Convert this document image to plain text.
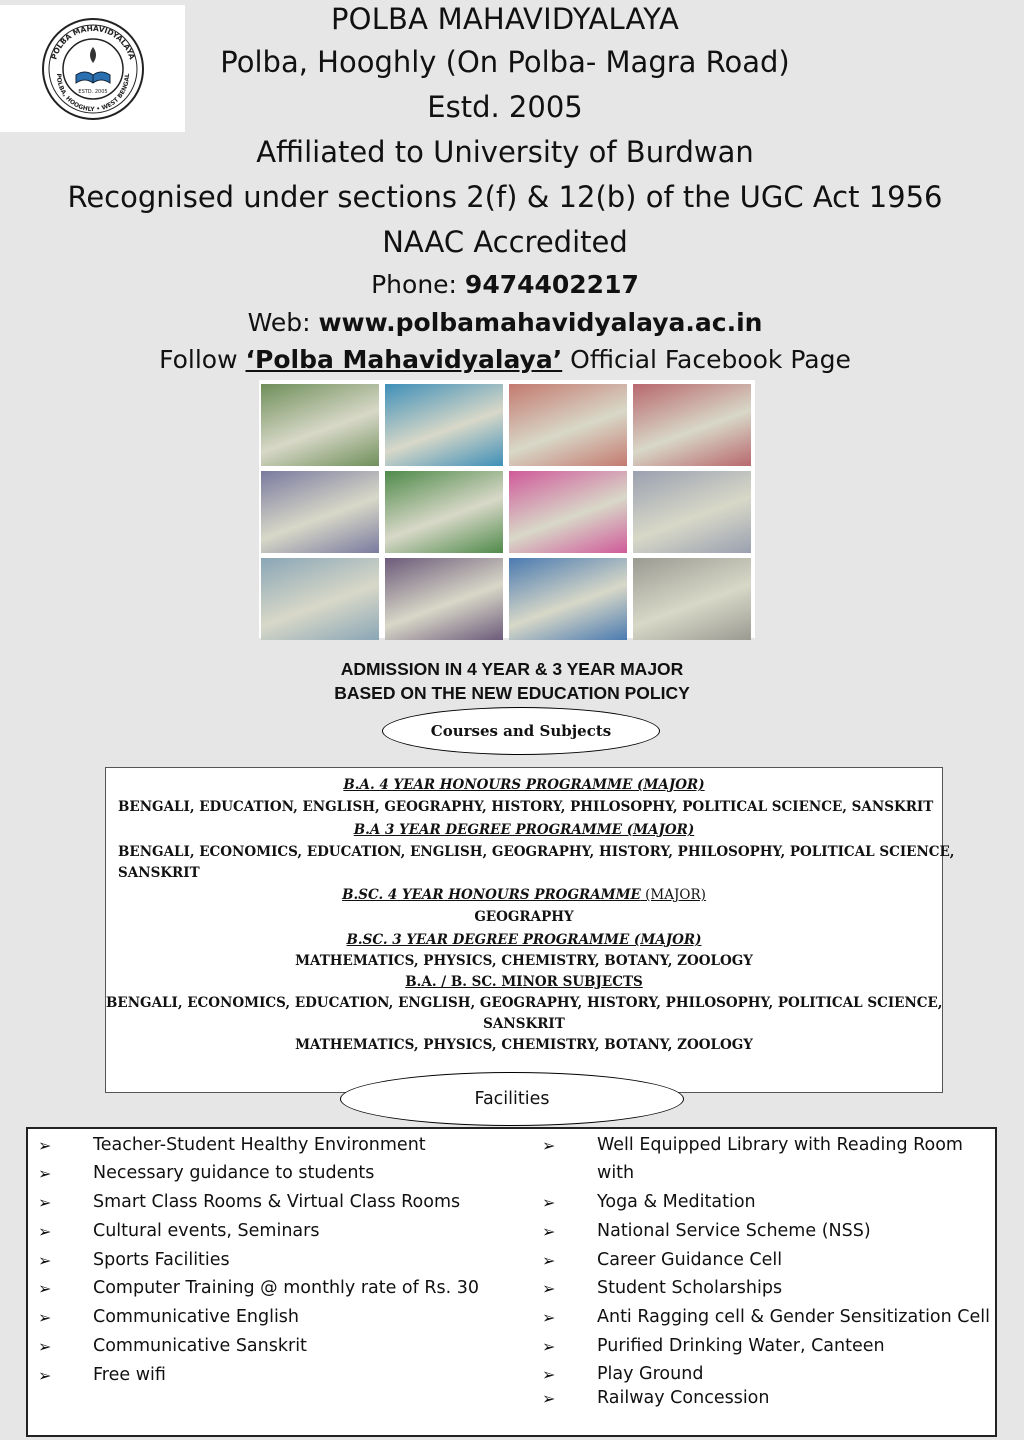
POLBA MAHAVIDYALAYA
POLBA, HOOGHLY • WEST BENGAL
ESTD. 2005
POLBA MAHAVIDYALAYA
Polba, Hooghly (On Polba- Magra Road)
Estd. 2005
Affiliated to University of Burdwan
Recognised under sections 2(f) & 12(b) of the UGC Act 1956
NAAC Accredited
Phone: 9474402217
Web: www.polbamahavidyalaya.ac.in
Follow ‘Polba Mahavidyalaya’ Official Facebook Page
ADMISSION IN 4 YEAR & 3 YEAR MAJOR
BASED ON THE NEW EDUCATION POLICY
Courses and Subjects
B.A. 4 YEAR HONOURS PROGRAMME (MAJOR)
BENGALI, EDUCATION, ENGLISH, GEOGRAPHY, HISTORY, PHILOSOPHY, POLITICAL SCIENCE, SANSKRIT
B.A 3 YEAR DEGREE PROGRAMME (MAJOR)
BENGALI, ECONOMICS, EDUCATION, ENGLISH, GEOGRAPHY, HISTORY, PHILOSOPHY, POLITICAL SCIENCE,
SANSKRIT
B.SC. 4 YEAR HONOURS PROGRAMME (MAJOR)
GEOGRAPHY
B.SC. 3 YEAR DEGREE PROGRAMME (MAJOR)
MATHEMATICS, PHYSICS, CHEMISTRY, BOTANY, ZOOLOGY
B.A. / B. SC. MINOR SUBJECTS
BENGALI, ECONOMICS, EDUCATION, ENGLISH, GEOGRAPHY, HISTORY, PHILOSOPHY, POLITICAL SCIENCE,
SANSKRIT
MATHEMATICS, PHYSICS, CHEMISTRY, BOTANY, ZOOLOGY
➢ Teacher-Student Healthy Environment
➢ Necessary guidance to students
➢ Smart Class Rooms & Virtual Class Rooms
➢ Cultural events, Seminars
➢ Sports Facilities
➢ Computer Training @ monthly rate of Rs. 30
➢ Communicative English
➢ Communicative Sanskrit
➢ Free wifi
➢ Well Equipped Library with Reading Room
with
➢ Yoga & Meditation
➢ National Service Scheme (NSS)
➢ Career Guidance Cell
➢ Student Scholarships
➢ Anti Ragging cell & Gender Sensitization Cell
➢ Purified Drinking Water, Canteen
➢ Play Ground
➢ Railway Concession
Facilities
